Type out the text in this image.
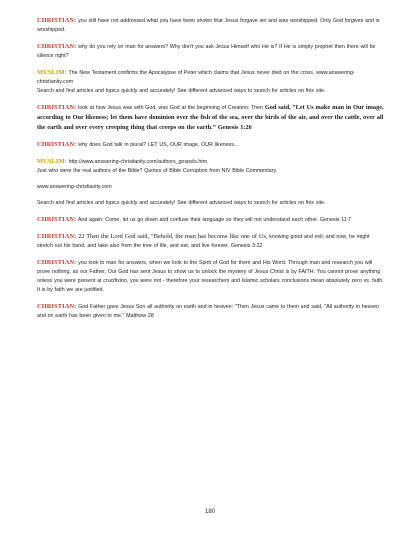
CHRISTIAN: you still have not addressed what you have been shown that Jesus forgave sin and was worshipped. Only God forgives and is worshipped.

CHRISTIAN: why do you rely on man for answers? Why don't you ask Jesus Himself who He is? If He is simply prophet then there will be silence right?

MUSLIM: The New Testament confirms the Apocalypse of Peter which claims that Jesus never died on the cross. www.answering-christianity.com
Search and find articles and topics quickly and accurately! See different advanced ways to search for articles on this site.

CHRISTIAN: look at how Jesus was with God, was God at the beginning of Creation: Then God said, “Let Us make man in Our image, according to Our likeness; let them have dominion over the fish of the sea, over the birds of the air, and over the cattle, over all the earth and over every creeping thing that creeps on the earth.” Genesis 1:26

CHRISTIAN: why does God talk in plural? LET US, OUR image, OUR likeness...

MUSLIM: http://www.answering-christianity.com/authors_gospels.htm
Just who were the real authors of the Bible? Quotes of Bible Corruption from NIV Bible Commentary.

www.answering-christianity.com

Search and find articles and topics quickly and accurately! See different advanced ways to search for articles on this site.

CHRISTIAN: And again: Come, let us go down and confuse their language so they will not understand each other. Genesis 11:7

CHRISTIAN: 22 Then the Lord God said, “Behold, the man has become like one of Us, knowing good and evil; and now, he might stretch out his hand, and take also from the tree of life, and eat, and live forever. Genesis 3:22

CHRISTIAN: you look to man for answers, when we look to the Spirit of God for them and His Word. Through man and research you will prove nothing, as our Father, Our God has sent Jesus to show us to unlock the mystery of Jesus Christ is by FAITH. You cannot prove anything unless you were present at crucifixion, you were not - therefore your researchers and Islamic scholars conclusions mean absolutely zero vs. faith. It is by faith we are justified.

CHRISTIAN: God Father gave Jesus Son all authority on earth and in heaven: "Then Jesus came to them and said, "All authority in heaven and on earth has been given to me." Matthew 28

180
